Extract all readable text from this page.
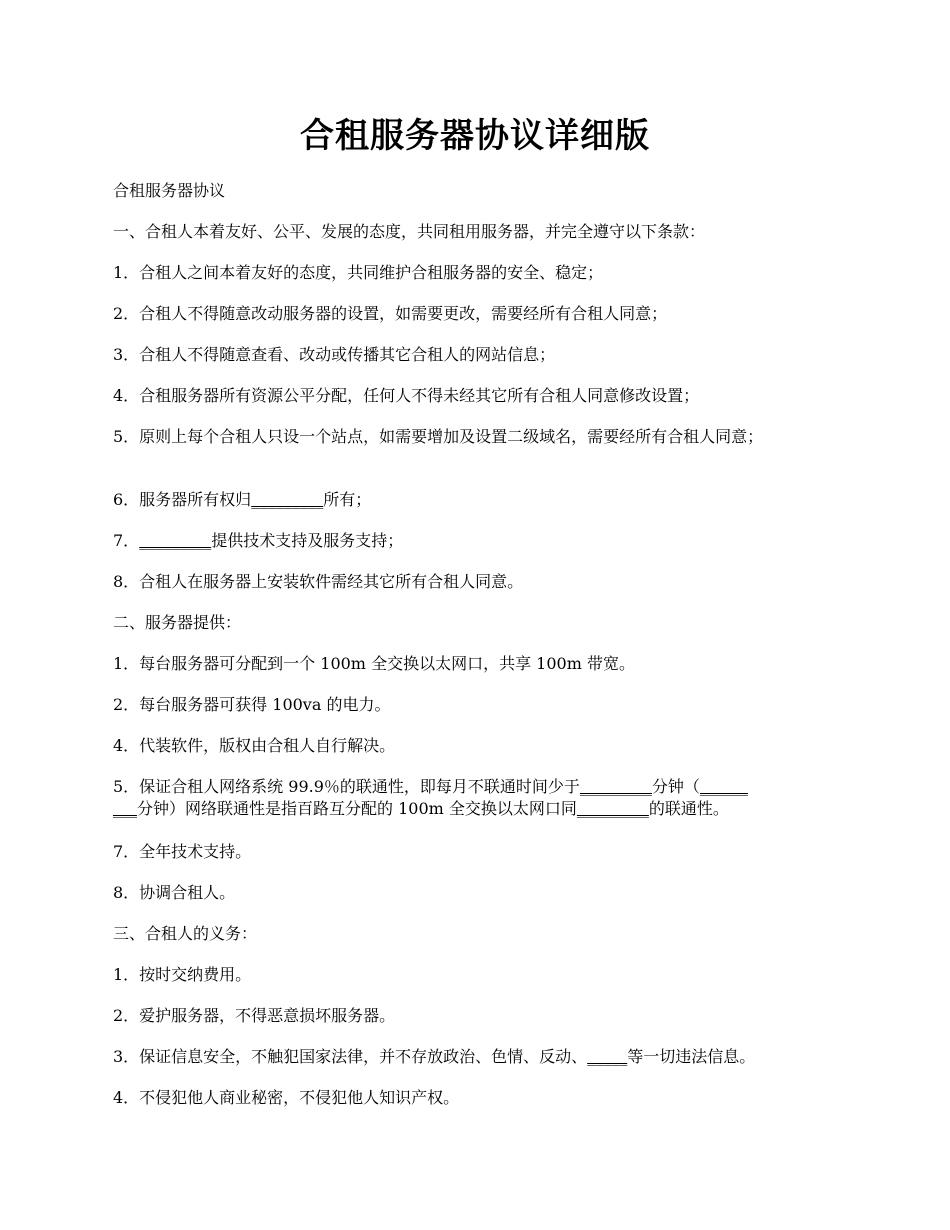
合租服务器协议详细版

合租服务器协议

一、合租人本着友好、公平、发展的态度，共同租用服务器，并完全遵守以下条款：

1．合租人之间本着友好的态度，共同维护合租服务器的安全、稳定；

2．合租人不得随意改动服务器的设置，如需要更改，需要经所有合租人同意；

3．合租人不得随意查看、改动或传播其它合租人的网站信息；

4．合租服务器所有资源公平分配，任何人不得未经其它所有合租人同意修改设置；

5．原则上每个合租人只设一个站点，如需要增加及设置二级域名，需要经所有合租人同意；

6．服务器所有权归_________所有；

7．_________提供技术支持及服务支持；

8．合租人在服务器上安装软件需经其它所有合租人同意。

二、服务器提供：

1．每台服务器可分配到一个 100m 全交换以太网口，共享 100m 带宽。

2．每台服务器可获得 100va 的电力。

4．代装软件，版权由合租人自行解决。

5．保证合租人网络系统 99.9％的联通性，即每月不联通时间少于_________分钟（______
___分钟）网络联通性是指百路互分配的 100m 全交换以太网口同_________的联通性。

7．全年技术支持。

8．协调合租人。

三、合租人的义务：

1．按时交纳费用。

2．爱护服务器，不得恶意损坏服务器。

3．保证信息安全，不触犯国家法律，并不存放政治、色情、反动、_____等一切违法信息。

4．不侵犯他人商业秘密，不侵犯他人知识产权。
